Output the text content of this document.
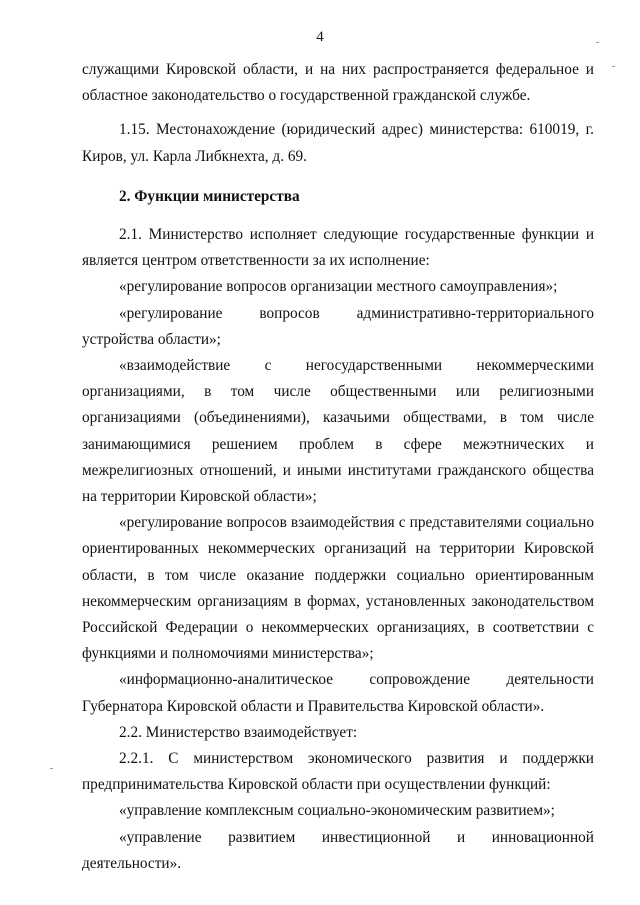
4

служащими Кировской области, и на них распространяется федеральное и областное законодательство о государственной гражданской службе.

1.15. Местонахождение (юридический адрес) министерства: 610019, г. Киров, ул. Карла Либкнехта, д. 69.

2. Функции министерства

2.1. Министерство исполняет следующие государственные функции и является центром ответственности за их исполнение:

«регулирование вопросов организации местного самоуправления»;

«регулирование вопросов административно-территориального устройства области»;

«взаимодействие с негосударственными некоммерческими организациями, в том числе общественными или религиозными организациями (объединениями), казачьими обществами, в том числе занимающимися решением проблем в сфере межэтнических и межрелигиозных отношений, и иными институтами гражданского общества на территории Кировской области»;

«регулирование вопросов взаимодействия с представителями социально ориентированных некоммерческих организаций на территории Кировской области, в том числе оказание поддержки социально ориентированным некоммерческим организациям в формах, установленных законодательством Российской Федерации о некоммерческих организациях, в соответствии с функциями и полномочиями министерства»;

«информационно-аналитическое сопровождение деятельности Губернатора Кировской области и Правительства Кировской области».

2.2. Министерство взаимодействует:

2.2.1. С министерством экономического развития и поддержки предпринимательства Кировской области при осуществлении функций:

«управление комплексным социально-экономическим развитием»;

«управление развитием инвестиционной и инновационной деятельности».
